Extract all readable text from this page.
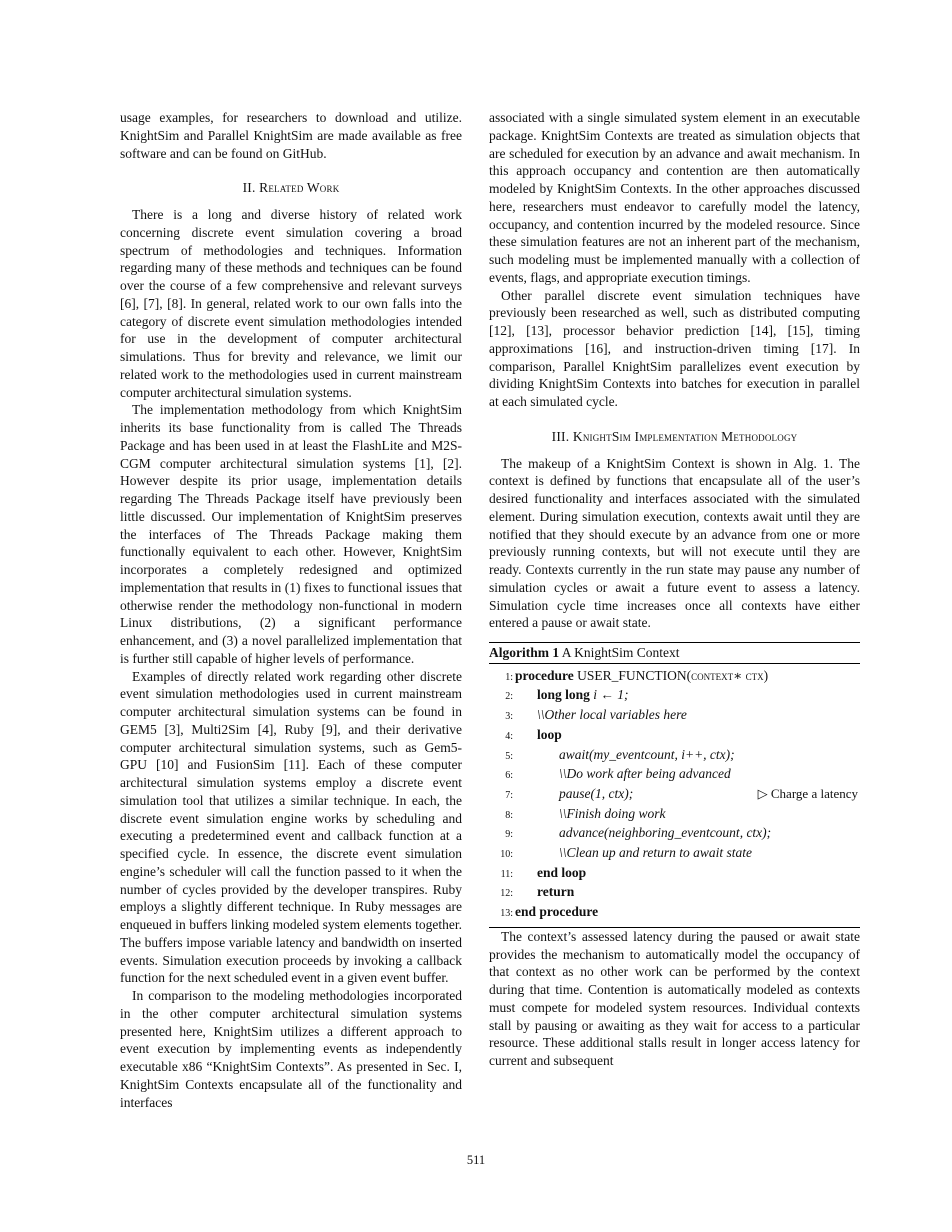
usage examples, for researchers to download and utilize. KnightSim and Parallel KnightSim are made available as free software and can be found on GitHub.

II. Related Work

There is a long and diverse history of related work concerning discrete event simulation covering a broad spectrum of methodologies and techniques. Information regarding many of these methods and techniques can be found over the course of a few comprehensive and relevant surveys [6], [7], [8]. In general, related work to our own falls into the category of discrete event simulation methodologies intended for use in the development of computer architectural simulations. Thus for brevity and relevance, we limit our related work to the methodologies used in current mainstream computer architectural simulation systems.

The implementation methodology from which KnightSim inherits its base functionality from is called The Threads Package and has been used in at least the FlashLite and M2S-CGM computer architectural simulation systems [1], [2]. However despite its prior usage, implementation details regarding The Threads Package itself have previously been little discussed. Our implementation of KnightSim preserves the interfaces of The Threads Package making them functionally equivalent to each other. However, KnightSim incorporates a completely redesigned and optimized implementation that results in (1) fixes to functional issues that otherwise render the methodology non-functional in modern Linux distributions, (2) a significant performance enhancement, and (3) a novel parallelized implementation that is further still capable of higher levels of performance.

Examples of directly related work regarding other discrete event simulation methodologies used in current mainstream computer architectural simulation systems can be found in GEM5 [3], Multi2Sim [4], Ruby [9], and their derivative computer architectural simulation systems, such as Gem5-GPU [10] and FusionSim [11]. Each of these computer architectural simulation systems employ a discrete event simulation tool that utilizes a similar technique. In each, the discrete event simulation engine works by scheduling and executing a predetermined event and callback function at a specified cycle. In essence, the discrete event simulation engine’s scheduler will call the function passed to it when the number of cycles provided by the developer transpires. Ruby employs a slightly different technique. In Ruby messages are enqueued in buffers linking modeled system elements together. The buffers impose variable latency and bandwidth on inserted events. Simulation execution proceeds by invoking a callback function for the next scheduled event in a given event buffer.

In comparison to the modeling methodologies incorporated in the other computer architectural simulation systems presented here, KnightSim utilizes a different approach to event execution by implementing events as independently executable x86 “KnightSim Contexts”. As presented in Sec. I, KnightSim Contexts encapsulate all of the functionality and interfaces

associated with a single simulated system element in an executable package. KnightSim Contexts are treated as simulation objects that are scheduled for execution by an advance and await mechanism. In this approach occupancy and contention are then automatically modeled by KnightSim Contexts. In the other approaches discussed here, researchers must endeavor to carefully model the latency, occupancy, and contention incurred by the modeled resource. Since these simulation features are not an inherent part of the mechanism, such modeling must be implemented manually with a collection of events, flags, and appropriate execution timings.

Other parallel discrete event simulation techniques have previously been researched as well, such as distributed computing [12], [13], processor behavior prediction [14], [15], timing approximations [16], and instruction-driven timing [17]. In comparison, Parallel KnightSim parallelizes event execution by dividing KnightSim Contexts into batches for execution in parallel at each simulated cycle.

III. KnightSim Implementation Methodology

The makeup of a KnightSim Context is shown in Alg. 1. The context is defined by functions that encapsulate all of the user’s desired functionality and interfaces associated with the simulated element. During simulation execution, contexts await until they are notified that they should execute by an advance from one or more previously running contexts, but will not execute until they are ready. Contexts currently in the run state may pause any number of simulation cycles or await a future event to assess a latency. Simulation cycle time increases once all contexts have either entered a pause or await state.

Algorithm 1 A KnightSim Context
1: procedure USER_FUNCTION(context∗ ctx)
2:	long long i ← 1;
3:	\\Other local variables here
4:	loop
5:	await(my_eventcount, i++, ctx);
6:	\\Do work after being advanced
7:	pause(1, ctx);	▷ Charge a latency
8:	\\Finish doing work
9:	advance(neighboring_eventcount, ctx);
10:	\\Clean up and return to await state
11:	end loop
12:	return
13: end procedure

The context’s assessed latency during the paused or await state provides the mechanism to automatically model the occupancy of that context as no other work can be performed by the context during that time. Contention is automatically modeled as contexts must compete for modeled system resources. Individual contexts stall by pausing or awaiting as they wait for access to a particular resource. These additional stalls result in longer access latency for current and subsequent

511
